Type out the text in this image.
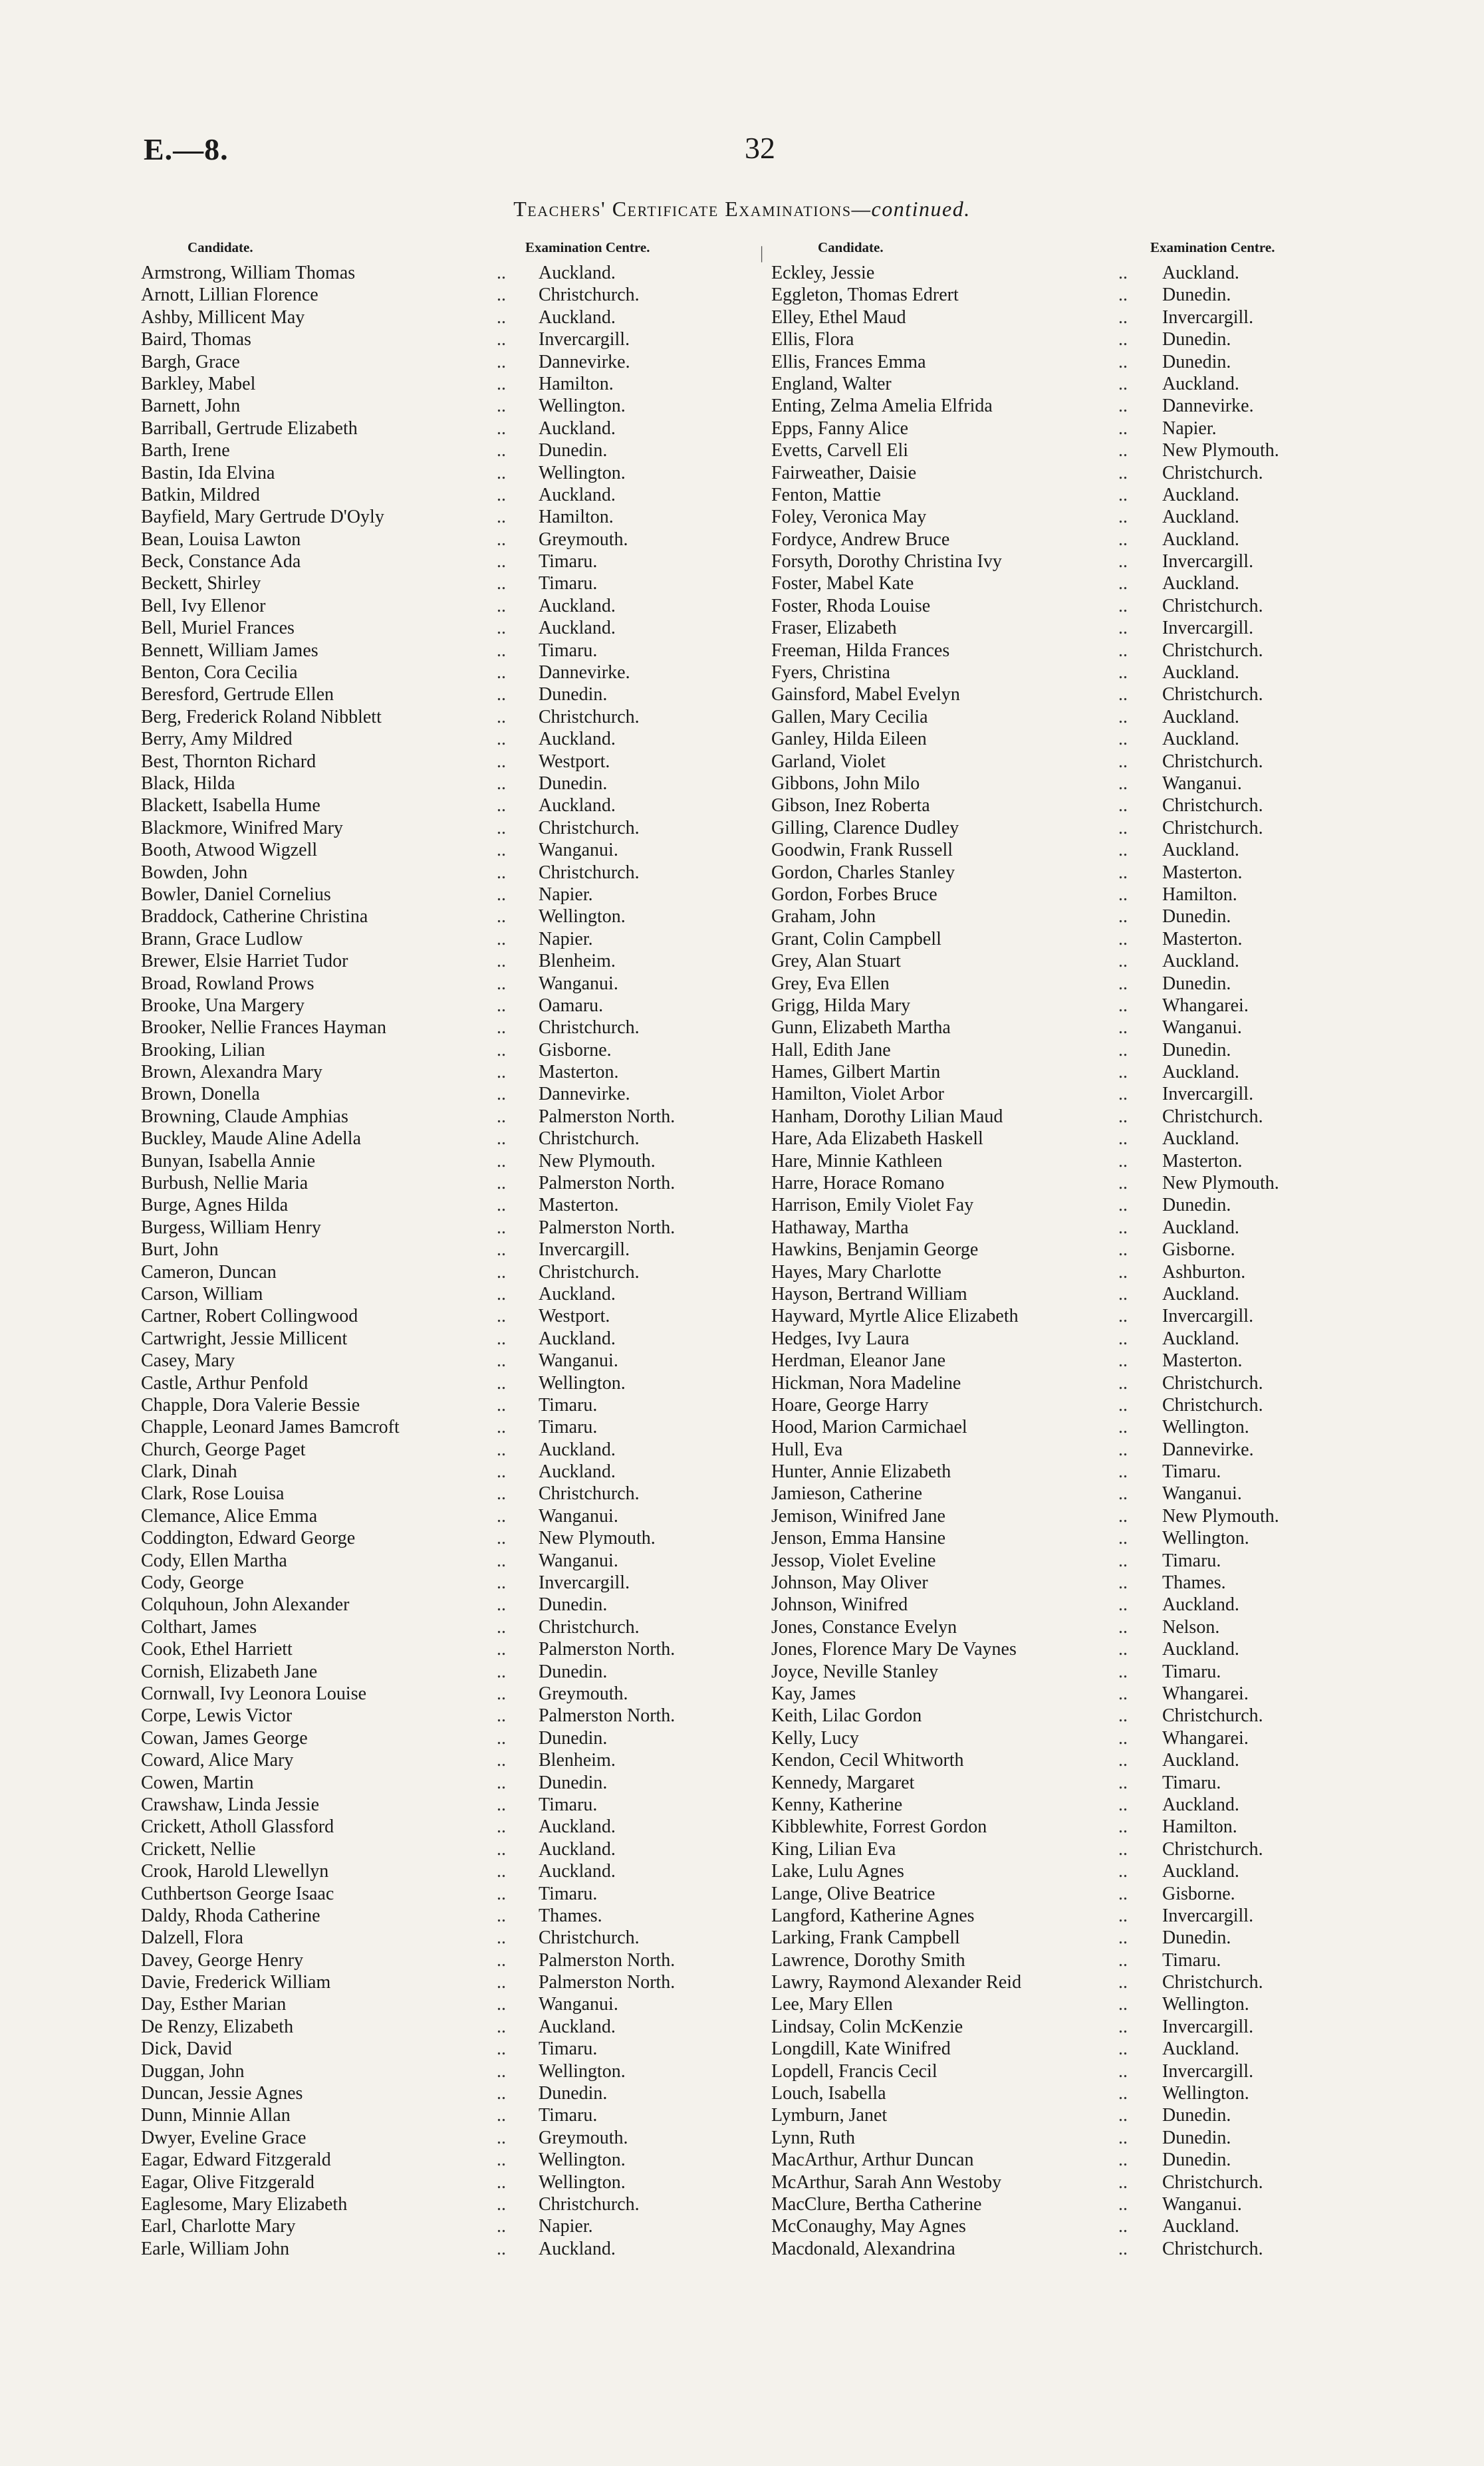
E.—8.	32
Teachers' Certificate Examinations—continued.
|
Candidate.	Examination Centre.
Armstrong, William Thomas	.. Auckland.
Arnott, Lillian Florence	.. Christchurch.
Ashby, Millicent May	.. Auckland.
Baird, Thomas	.. Invercargill.
Bargh, Grace	.. Dannevirke.
Barkley, Mabel	.. Hamilton.
Barnett, John	.. Wellington.
Barriball, Gertrude Elizabeth	.. Auckland.
Barth, Irene	.. Dunedin.
Bastin, Ida Elvina	.. Wellington.
Batkin, Mildred	.. Auckland.
Bayfield, Mary Gertrude D'Oyly	.. Hamilton.
Bean, Louisa Lawton	.. Greymouth.
Beck, Constance Ada	.. Timaru.
Beckett, Shirley	.. Timaru.
Bell, Ivy Ellenor	.. Auckland.
Bell, Muriel Frances	.. Auckland.
Bennett, William James	.. Timaru.
Benton, Cora Cecilia	.. Dannevirke.
Beresford, Gertrude Ellen	.. Dunedin.
Berg, Frederick Roland Nibblett	.. Christchurch.
Berry, Amy Mildred	.. Auckland.
Best, Thornton Richard	.. Westport.
Black, Hilda	.. Dunedin.
Blackett, Isabella Hume	.. Auckland.
Blackmore, Winifred Mary	.. Christchurch.
Booth, Atwood Wigzell	.. Wanganui.
Bowden, John	.. Christchurch.
Bowler, Daniel Cornelius	.. Napier.
Braddock, Catherine Christina	.. Wellington.
Brann, Grace Ludlow	.. Napier.
Brewer, Elsie Harriet Tudor	.. Blenheim.
Broad, Rowland Prows	.. Wanganui.
Brooke, Una Margery	.. Oamaru.
Brooker, Nellie Frances Hayman	.. Christchurch.
Brooking, Lilian	.. Gisborne.
Brown, Alexandra Mary	.. Masterton.
Brown, Donella	.. Dannevirke.
Browning, Claude Amphias	.. Palmerston North.
Buckley, Maude Aline Adella	.. Christchurch.
Bunyan, Isabella Annie	.. New Plymouth.
Burbush, Nellie Maria	.. Palmerston North.
Burge, Agnes Hilda	.. Masterton.
Burgess, William Henry	.. Palmerston North.
Burt, John	.. Invercargill.
Cameron, Duncan	.. Christchurch.
Carson, William	.. Auckland.
Cartner, Robert Collingwood	.. Westport.
Cartwright, Jessie Millicent	.. Auckland.
Casey, Mary	.. Wanganui.
Castle, Arthur Penfold	.. Wellington.
Chapple, Dora Valerie Bessie	.. Timaru.
Chapple, Leonard James Bamcroft	.. Timaru.
Church, George Paget	.. Auckland.
Clark, Dinah	.. Auckland.
Clark, Rose Louisa	.. Christchurch.
Clemance, Alice Emma	.. Wanganui.
Coddington, Edward George	.. New Plymouth.
Cody, Ellen Martha	.. Wanganui.
Cody, George	.. Invercargill.
Colquhoun, John Alexander	.. Dunedin.
Colthart, James	.. Christchurch.
Cook, Ethel Harriett	.. Palmerston North.
Cornish, Elizabeth Jane	.. Dunedin.
Cornwall, Ivy Leonora Louise	.. Greymouth.
Corpe, Lewis Victor	.. Palmerston North.
Cowan, James George	.. Dunedin.
Coward, Alice Mary	.. Blenheim.
Cowen, Martin	.. Dunedin.
Crawshaw, Linda Jessie	.. Timaru.
Crickett, Atholl Glassford	.. Auckland.
Crickett, Nellie	.. Auckland.
Crook, Harold Llewellyn	.. Auckland.
Cuthbertson George Isaac	.. Timaru.
Daldy, Rhoda Catherine	.. Thames.
Dalzell, Flora	.. Christchurch.
Davey, George Henry	.. Palmerston North.
Davie, Frederick William	.. Palmerston North.
Day, Esther Marian	.. Wanganui.
De Renzy, Elizabeth	.. Auckland.
Dick, David	.. Timaru.
Duggan, John	.. Wellington.
Duncan, Jessie Agnes	.. Dunedin.
Dunn, Minnie Allan	.. Timaru.
Dwyer, Eveline Grace	.. Greymouth.
Eagar, Edward Fitzgerald	.. Wellington.
Eagar, Olive Fitzgerald	.. Wellington.
Eaglesome, Mary Elizabeth	.. Christchurch.
Earl, Charlotte Mary	.. Napier.
Earle, William John	.. Auckland.
Candidate.	Examination Centre.
Eckley, Jessie	.. Auckland.
Eggleton, Thomas Edrert	.. Dunedin.
Elley, Ethel Maud	.. Invercargill.
Ellis, Flora	.. Dunedin.
Ellis, Frances Emma	.. Dunedin.
England, Walter	.. Auckland.
Enting, Zelma Amelia Elfrida	.. Dannevirke.
Epps, Fanny Alice	.. Napier.
Evetts, Carvell Eli	.. New Plymouth.
Fairweather, Daisie	.. Christchurch.
Fenton, Mattie	.. Auckland.
Foley, Veronica May	.. Auckland.
Fordyce, Andrew Bruce	.. Auckland.
Forsyth, Dorothy Christina Ivy	.. Invercargill.
Foster, Mabel Kate	.. Auckland.
Foster, Rhoda Louise	.. Christchurch.
Fraser, Elizabeth	.. Invercargill.
Freeman, Hilda Frances	.. Christchurch.
Fyers, Christina	.. Auckland.
Gainsford, Mabel Evelyn	.. Christchurch.
Gallen, Mary Cecilia	.. Auckland.
Ganley, Hilda Eileen	.. Auckland.
Garland, Violet	.. Christchurch.
Gibbons, John Milo	.. Wanganui.
Gibson, Inez Roberta	.. Christchurch.
Gilling, Clarence Dudley	.. Christchurch.
Goodwin, Frank Russell	.. Auckland.
Gordon, Charles Stanley	.. Masterton.
Gordon, Forbes Bruce	.. Hamilton.
Graham, John	.. Dunedin.
Grant, Colin Campbell	.. Masterton.
Grey, Alan Stuart	.. Auckland.
Grey, Eva Ellen	.. Dunedin.
Grigg, Hilda Mary	.. Whangarei.
Gunn, Elizabeth Martha	.. Wanganui.
Hall, Edith Jane	.. Dunedin.
Hames, Gilbert Martin	.. Auckland.
Hamilton, Violet Arbor	.. Invercargill.
Hanham, Dorothy Lilian Maud	.. Christchurch.
Hare, Ada Elizabeth Haskell	.. Auckland.
Hare, Minnie Kathleen	.. Masterton.
Harre, Horace Romano	.. New Plymouth.
Harrison, Emily Violet Fay	.. Dunedin.
Hathaway, Martha	.. Auckland.
Hawkins, Benjamin George	.. Gisborne.
Hayes, Mary Charlotte	.. Ashburton.
Hayson, Bertrand William	.. Auckland.
Hayward, Myrtle Alice Elizabeth	.. Invercargill.
Hedges, Ivy Laura	.. Auckland.
Herdman, Eleanor Jane	.. Masterton.
Hickman, Nora Madeline	.. Christchurch.
Hoare, George Harry	.. Christchurch.
Hood, Marion Carmichael	.. Wellington.
Hull, Eva	.. Dannevirke.
Hunter, Annie Elizabeth	.. Timaru.
Jamieson, Catherine	.. Wanganui.
Jemison, Winifred Jane	.. New Plymouth.
Jenson, Emma Hansine	.. Wellington.
Jessop, Violet Eveline	.. Timaru.
Johnson, May Oliver	.. Thames.
Johnson, Winifred	.. Auckland.
Jones, Constance Evelyn	.. Nelson.
Jones, Florence Mary De Vaynes	.. Auckland.
Joyce, Neville Stanley	.. Timaru.
Kay, James	.. Whangarei.
Keith, Lilac Gordon	.. Christchurch.
Kelly, Lucy	.. Whangarei.
Kendon, Cecil Whitworth	.. Auckland.
Kennedy, Margaret	.. Timaru.
Kenny, Katherine	.. Auckland.
Kibblewhite, Forrest Gordon	.. Hamilton.
King, Lilian Eva	.. Christchurch.
Lake, Lulu Agnes	.. Auckland.
Lange, Olive Beatrice	.. Gisborne.
Langford, Katherine Agnes	.. Invercargill.
Larking, Frank Campbell	.. Dunedin.
Lawrence, Dorothy Smith	.. Timaru.
Lawry, Raymond Alexander Reid	.. Christchurch.
Lee, Mary Ellen	.. Wellington.
Lindsay, Colin McKenzie	.. Invercargill.
Longdill, Kate Winifred	.. Auckland.
Lopdell, Francis Cecil	.. Invercargill.
Louch, Isabella	.. Wellington.
Lymburn, Janet	.. Dunedin.
Lynn, Ruth	.. Dunedin.
MacArthur, Arthur Duncan	.. Dunedin.
McArthur, Sarah Ann Westoby	.. Christchurch.
MacClure, Bertha Catherine	.. Wanganui.
McConaughy, May Agnes	.. Auckland.
Macdonald, Alexandrina	.. Christchurch.
